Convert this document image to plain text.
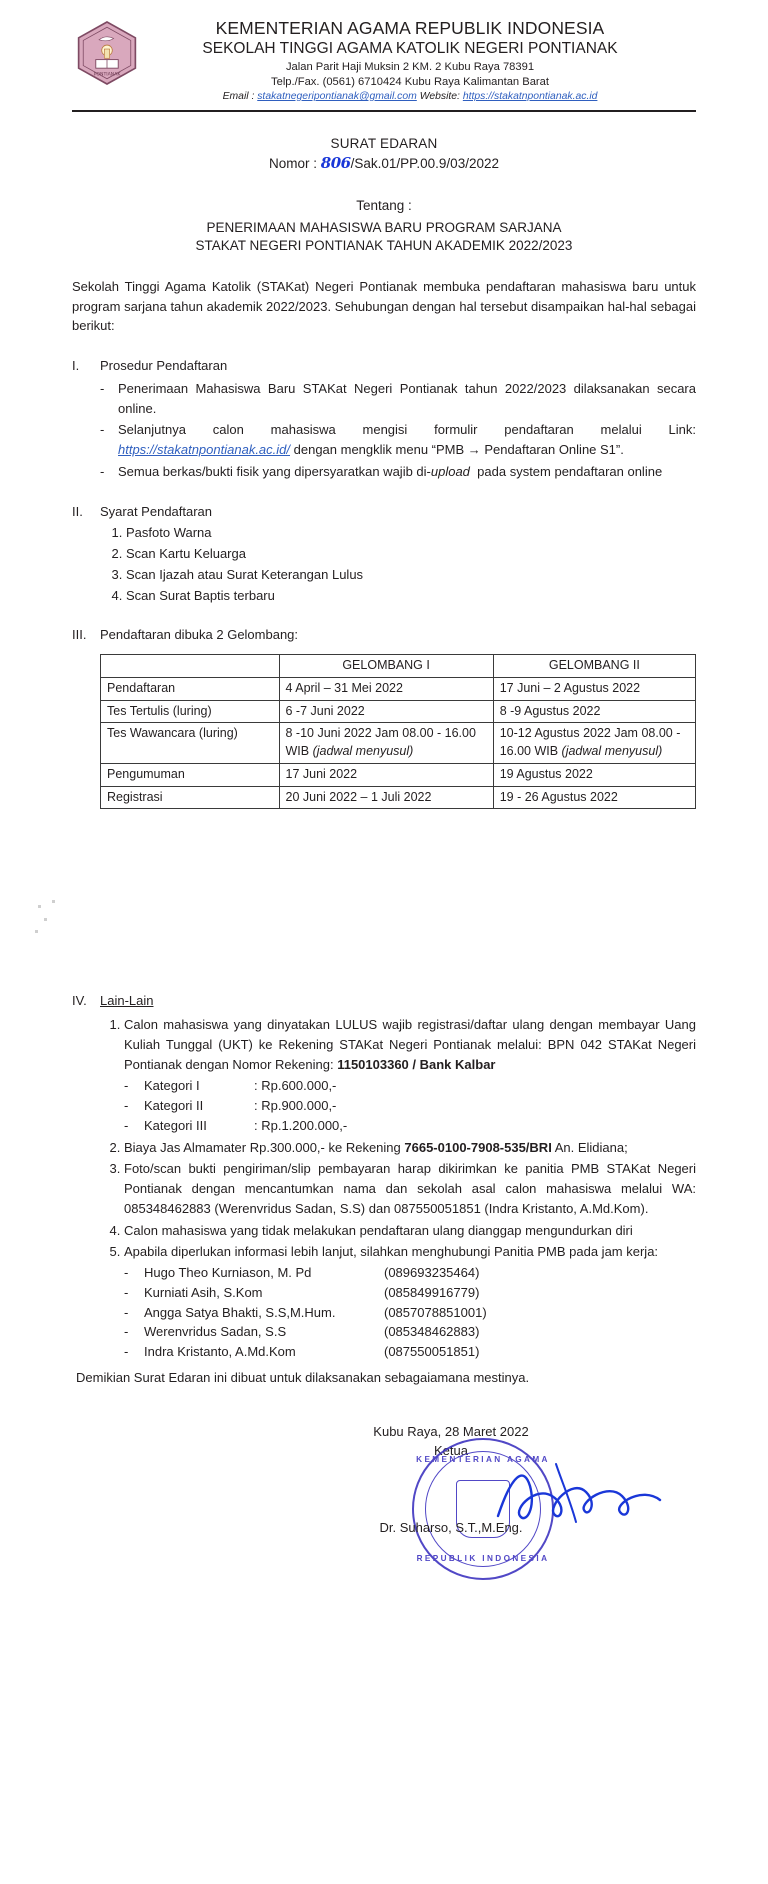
PONTIANAK
KEMENTERIAN AGAMA REPUBLIK INDONESIA
SEKOLAH TINGGI AGAMA KATOLIK NEGERI PONTIANAK
Jalan Parit Haji Muksin 2 KM. 2 Kubu Raya 78391
Telp./Fax. (0561) 6710424 Kubu Raya Kalimantan Barat
Email : stakatnegeripontianak@gmail.com Website: https://stakatnpontianak.ac.id
SURAT EDARAN
Nomor : 806/Sak.01/PP.00.9/03/2022
Tentang :
PENERIMAAN MAHASISWA BARU PROGRAM SARJANA
STAKAT NEGERI PONTIANAK TAHUN AKADEMIK 2022/2023

Sekolah Tinggi Agama Katolik (STAKat) Negeri Pontianak membuka pendaftaran mahasiswa baru untuk program sarjana tahun akademik 2022/2023. Sehubungan dengan hal tersebut disampaikan hal-hal sebagai berikut:

I.	Prosedur Pendaftaran
-	Penerimaan Mahasiswa Baru STAKat Negeri Pontianak tahun 2022/2023 dilaksanakan secara online.
-	Selanjutnya calon mahasiswa mengisi formulir pendaftaran melalui Link: https://stakatnpontianak.ac.id/ dengan mengklik menu “PMB → Pendaftaran Online S1”.
-	Semua berkas/bukti fisik yang dipersyaratkan wajib di-upload pada system pendaftaran online
II.	Syarat Pendaftaran
1. Pasfoto Warna
2. Scan Kartu Keluarga
3. Scan Ijazah atau Surat Keterangan Lulus
4. Scan Surat Baptis terbaru
III.	Pendaftaran dibuka 2 Gelombang:
	GELOMBANG I	GELOMBANG II
Pendaftaran	4 April – 31 Mei 2022	17 Juni – 2 Agustus 2022
Tes Tertulis (luring)	6 -7 Juni 2022	8 -9 Agustus 2022
Tes Wawancara (luring)	8 -10 Juni 2022 Jam 08.00 - 16.00 WIB (jadwal menyusul)	10-12 Agustus 2022 Jam 08.00 - 16.00 WIB (jadwal menyusul)
Pengumuman	17 Juni 2022	19 Agustus 2022
Registrasi	20 Juni 2022 – 1 Juli 2022	19 - 26 Agustus 2022
IV.	Lain-Lain
1. Calon mahasiswa yang dinyatakan LULUS wajib registrasi/daftar ulang dengan membayar Uang Kuliah Tunggal (UKT) ke Rekening STAKat Negeri Pontianak melalui: BPN 042 STAKat Negeri Pontianak dengan Nomor Rekening: 1150103360 / Bank Kalbar
-	Kategori I	: Rp.600.000,-
-	Kategori II	: Rp.900.000,-
-	Kategori III	: Rp.1.200.000,-
2. Biaya Jas Almamater Rp.300.000,- ke Rekening 7665-0100-7908-535/BRI An. Elidiana;
3. Foto/scan bukti pengiriman/slip pembayaran harap dikirimkan ke panitia PMB STAKat Negeri Pontianak dengan mencantumkan nama dan sekolah asal calon mahasiswa melalui WA: 085348462883 (Werenvridus Sadan, S.S) dan 087550051851 (Indra Kristanto, A.Md.Kom).
4. Calon mahasiswa yang tidak melakukan pendaftaran ulang dianggap mengundurkan diri
5. Apabila diperlukan informasi lebih lanjut, silahkan menghubungi Panitia PMB pada jam kerja:
-	Hugo Theo Kurniason, M. Pd	(089693235464)
-	Kurniati Asih, S.Kom	(085849916779)
-	Angga Satya Bhakti, S.S,M.Hum.	(0857078851001)
-	Werenvridus Sadan, S.S	(085348462883)
-	Indra Kristanto, A.Md.Kom	(087550051851)
Demikian Surat Edaran ini dibuat untuk dilaksanakan sebagaiamana mestinya.
Kubu Raya, 28 Maret 2022
Ketua
KEMENTERIAN AGAMA
REPUBLIK INDONESIA
Dr. Suharso, S.T.,M.Eng.
